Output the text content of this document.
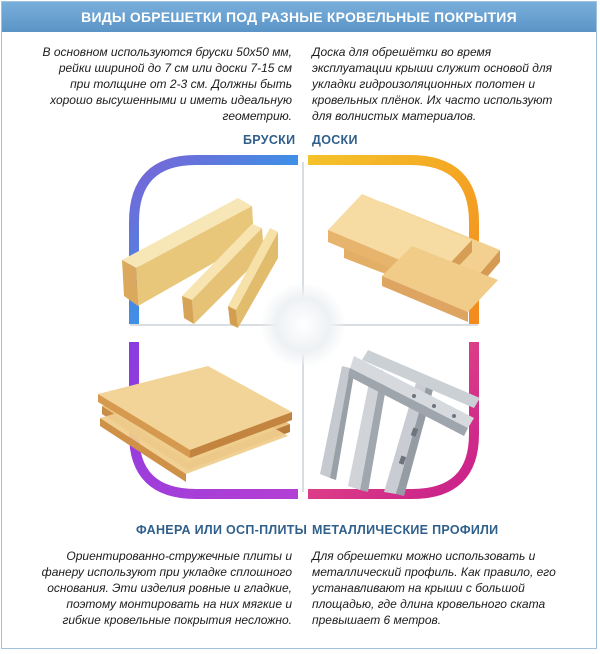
ВИДЫ ОБРЕШЕТКИ ПОД РАЗНЫЕ КРОВЕЛЬНЫЕ ПОКРЫТИЯ
В основном используются бруски 50х50 мм,
рейки шириной до 7 см или доски 7-15 см
при толщине от 2-3 см. Должны быть
хорошо высушенными и иметь идеальную
геометрию.
Доска для обрешётки во время
эксплуатации крыши служит основой для
укладки гидроизоляционных полотен и
кровельных плёнок. Их часто используют
для волнистых материалов.
БРУСКИ ДОСКИ
ФАНЕРА ИЛИ ОСП-ПЛИТЫ МЕТАЛЛИЧЕСКИЕ ПРОФИЛИ
Ориентированно-стружечные плиты и
фанеру используют при укладке сплошного
основания. Эти изделия ровные и гладкие,
поэтому монтировать на них мягкие и
гибкие кровельные покрытия несложно.
Для обрешетки можно использовать и
металлический профиль. Как правило, его
устанавливают на крыши с большой
площадью, где длина кровельного ската
превышает 6 метров.
